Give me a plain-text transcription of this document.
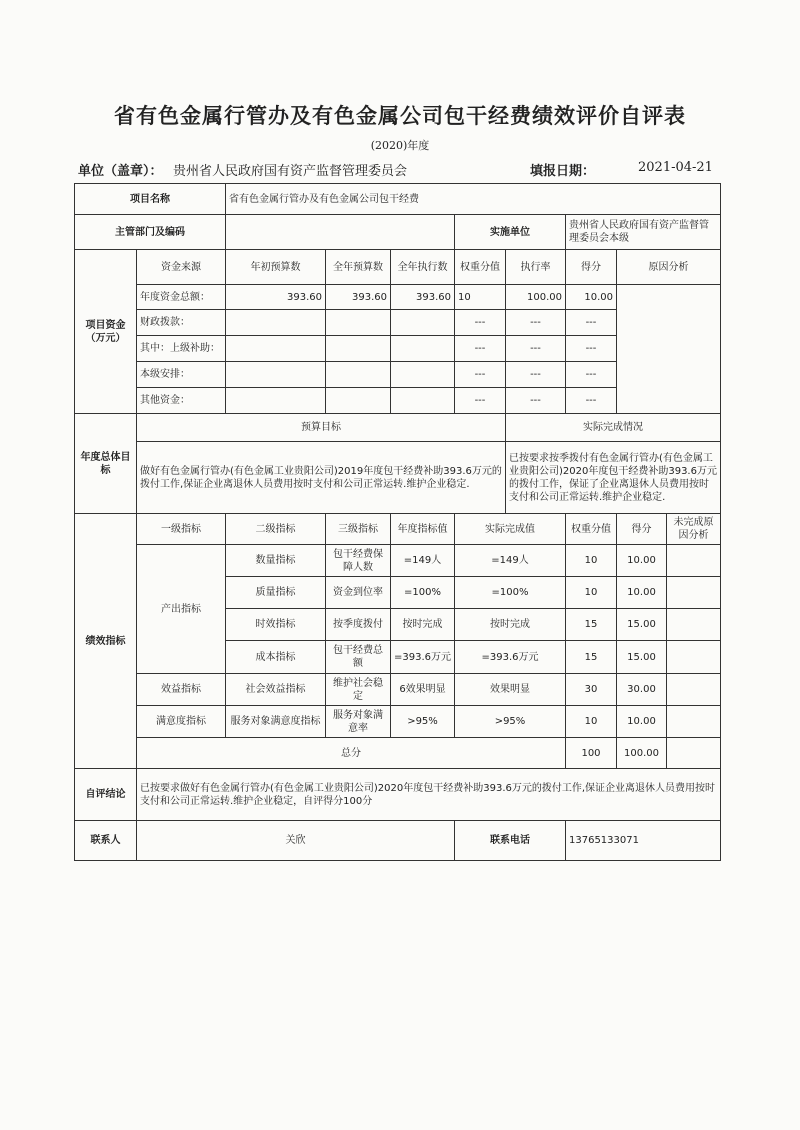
省有色金属行管办及有色金属公司包干经费绩效评价自评表
(2020)年度
单位（盖章）： 贵州省人民政府国有资产监督管理委员会	填报日期：	2021-04-21
项目名称		省有色金属行管办及有色金属公司包干经费							
主管部门及编码					实施单位		贵州省人民政府国有资产监督管理委员会本级		
项目资金（万元）	资金来源	年初预算数	全年预算数	全年执行数	权重分值	执行率	得分	原因分析	
	年度资金总额：	393.60	393.60	393.60	10	100.00	10.00		
	财政拨款：				---	---	---		
	其中：上级补助：				---	---	---		
	本级安排：				---	---	---		
	其他资金：				---	---	---		
年度总体目标	预算目标					实际完成情况			
	做好有色金属行管办(有色金属工业贵阳公司)2019年度包干经费补助393.6万元的拨付工作,保证企业离退休人员费用按时支付和公司正常运转.维护企业稳定.					已按要求按季拨付有色金属行管办(有色金属工业贵阳公司)2020年度包干经费补助393.6万元的拨付工作，保证了企业离退休人员费用按时支付和公司正常运转.维护企业稳定.			
绩效指标	一级指标	二级指标	三级指标	年度指标值	实际完成值		权重分值	得分	未完成原因分析
	产出指标	数量指标	包干经费保障人数	=149人	=149人		10	10.00	
		质量指标	资金到位率	=100%	=100%		10	10.00	
		时效指标	按季度拨付	按时完成	按时完成		15	15.00	
		成本指标	包干经费总额	=393.6万元	=393.6万元		15	15.00	
	效益指标	社会效益指标	维护社会稳定	6效果明显	效果明显		30	30.00	
	满意度指标	服务对象满意度指标	服务对象满意率	>95%	>95%		10	10.00	
	总分						100	100.00	
自评结论	已按要求做好有色金属行管办(有色金属工业贵阳公司)2020年度包干经费补助393.6万元的拨付工作,保证企业离退休人员费用按时支付和公司正常运转.维护企业稳定，自评得分100分								
联系人	关欣				联系电话		13765133071		
